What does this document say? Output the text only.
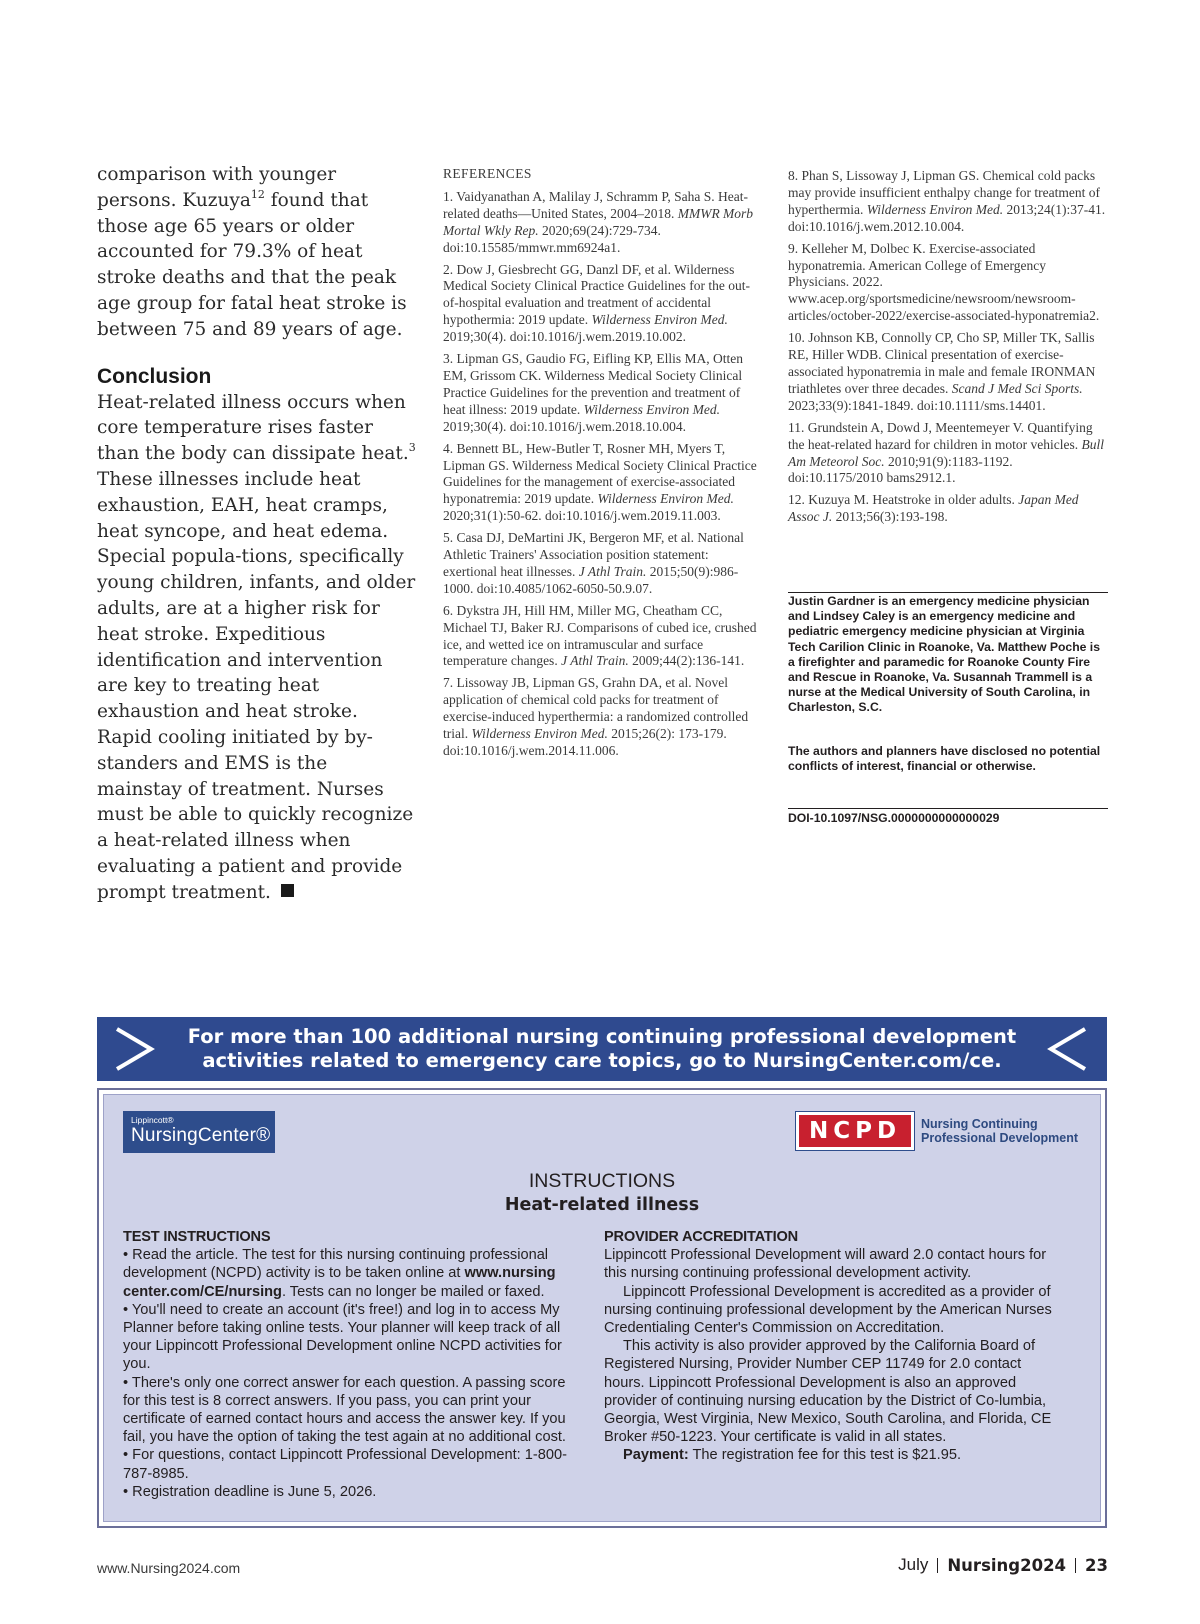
comparison with younger persons. Kuzuya$^{12}$ found that those age 65 years or older accounted for 79.3% of heat stroke deaths and that the peak age group for fatal heat stroke is between 75 and 89 years of age.

Conclusion

Heat-related illness occurs when core temperature rises faster than the body can dissipate heat.$^3$ These illnesses include heat exhaustion, EAH, heat cramps, heat syncope, and heat edema. Special popula-tions, specifically young children, infants, and older adults, are at a higher risk for heat stroke. Expeditious identification and intervention are key to treating heat exhaustion and heat stroke. Rapid cooling initiated by by-standers and EMS is the mainstay of treatment. Nurses must be able to quickly recognize a heat-related illness when evaluating a patient and provide prompt treatment.

REFERENCES
1. Vaidyanathan A, Malilay J, Schramm P, Saha S. Heat-related deaths—United States, 2004–2018. MMWR Morb Mortal Wkly Rep. 2020;69(24):729-734. doi:10.15585/mmwr.mm6924a1.
2. Dow J, Giesbrecht GG, Danzl DF, et al. Wilderness Medical Society Clinical Practice Guidelines for the out-of-hospital evaluation and treatment of accidental hypothermia: 2019 update. Wilderness Environ Med. 2019;30(4). doi:10.1016/j.wem.2019.10.002.
3. Lipman GS, Gaudio FG, Eifling KP, Ellis MA, Otten EM, Grissom CK. Wilderness Medical Society Clinical Practice Guidelines for the prevention and treatment of heat illness: 2019 update. Wilderness Environ Med. 2019;30(4). doi:10.1016/j.wem.2018.10.004.
4. Bennett BL, Hew-Butler T, Rosner MH, Myers T, Lipman GS. Wilderness Medical Society Clinical Practice Guidelines for the management of exercise-associated hyponatremia: 2019 update. Wilderness Environ Med. 2020;31(1):50-62. doi:10.1016/j.wem.2019.11.003.
5. Casa DJ, DeMartini JK, Bergeron MF, et al. National Athletic Trainers' Association position statement: exertional heat illnesses. J Athl Train. 2015;50(9):986-1000. doi:10.4085/1062-6050-50.9.07.
6. Dykstra JH, Hill HM, Miller MG, Cheatham CC, Michael TJ, Baker RJ. Comparisons of cubed ice, crushed ice, and wetted ice on intramuscular and surface temperature changes. J Athl Train. 2009;44(2):136-141.
7. Lissoway JB, Lipman GS, Grahn DA, et al. Novel application of chemical cold packs for treatment of exercise-induced hyperthermia: a randomized controlled trial. Wilderness Environ Med. 2015;26(2): 173-179. doi:10.1016/j.wem.2014.11.006.
8. Phan S, Lissoway J, Lipman GS. Chemical cold packs may provide insufficient enthalpy change for treatment of hyperthermia. Wilderness Environ Med. 2013;24(1):37-41. doi:10.1016/j.wem.2012.10.004.
9. Kelleher M, Dolbec K. Exercise-associated hyponatremia. American College of Emergency Physicians. 2022. www.acep.org/sportsmedicine/newsroom/newsroom-articles/october-2022/exercise-associated-hyponatremia2.
10. Johnson KB, Connolly CP, Cho SP, Miller TK, Sallis RE, Hiller WDB. Clinical presentation of exercise-associated hyponatremia in male and female IRONMAN triathletes over three decades. Scand J Med Sci Sports. 2023;33(9):1841-1849. doi:10.1111/sms.14401.
11. Grundstein A, Dowd J, Meentemeyer V. Quantifying the heat-related hazard for children in motor vehicles. Bull Am Meteorol Soc. 2010;91(9):1183-1192. doi:10.1175/2010 bams2912.1.
12. Kuzuya M. Heatstroke in older adults. Japan Med Assoc J. 2013;56(3):193-198.
Justin Gardner is an emergency medicine physician and Lindsey Caley is an emergency medicine and pediatric emergency medicine physician at Virginia Tech Carilion Clinic in Roanoke, Va. Matthew Poche is a firefighter and paramedic for Roanoke County Fire and Rescue in Roanoke, Va. Susannah Trammell is a nurse at the Medical University of South Carolina, in Charleston, S.C.
The authors and planners have disclosed no potential conflicts of interest, financial or otherwise.
DOI-10.1097/NSG.0000000000000029
For more than 100 additional nursing continuing professional development
activities related to emergency care topics, go to NursingCenter.com/ce.
Lippincott®
NursingCenter®	NCPD	Nursing Continuing
Professional Development
INSTRUCTIONS
Heat-related illness
TEST INSTRUCTIONS

• Read the article. The test for this nursing continuing professional development (NCPD) activity is to be taken online at www.nursing center.com/CE/nursing. Tests can no longer be mailed or faxed.

• You'll need to create an account (it's free!) and log in to access My Planner before taking online tests. Your planner will keep track of all your Lippincott Professional Development online NCPD activities for you.

• There's only one correct answer for each question. A passing score for this test is 8 correct answers. If you pass, you can print your certificate of earned contact hours and access the answer key. If you fail, you have the option of taking the test again at no additional cost.

• For questions, contact Lippincott Professional Development: 1-800-787-8985.

• Registration deadline is June 5, 2026.

PROVIDER ACCREDITATION

Lippincott Professional Development will award 2.0 contact hours for this nursing continuing professional development activity.

Lippincott Professional Development is accredited as a provider of nursing continuing professional development by the American Nurses Credentialing Center's Commission on Accreditation.

This activity is also provider approved by the California Board of Registered Nursing, Provider Number CEP 11749 for 2.0 contact hours. Lippincott Professional Development is also an approved provider of continuing nursing education by the District of Co-lumbia, Georgia, West Virginia, New Mexico, South Carolina, and Florida, CE Broker #50-1223. Your certificate is valid in all states.

Payment: The registration fee for this test is $21.95.

www.Nursing2024.com	July Nursing2024 23
